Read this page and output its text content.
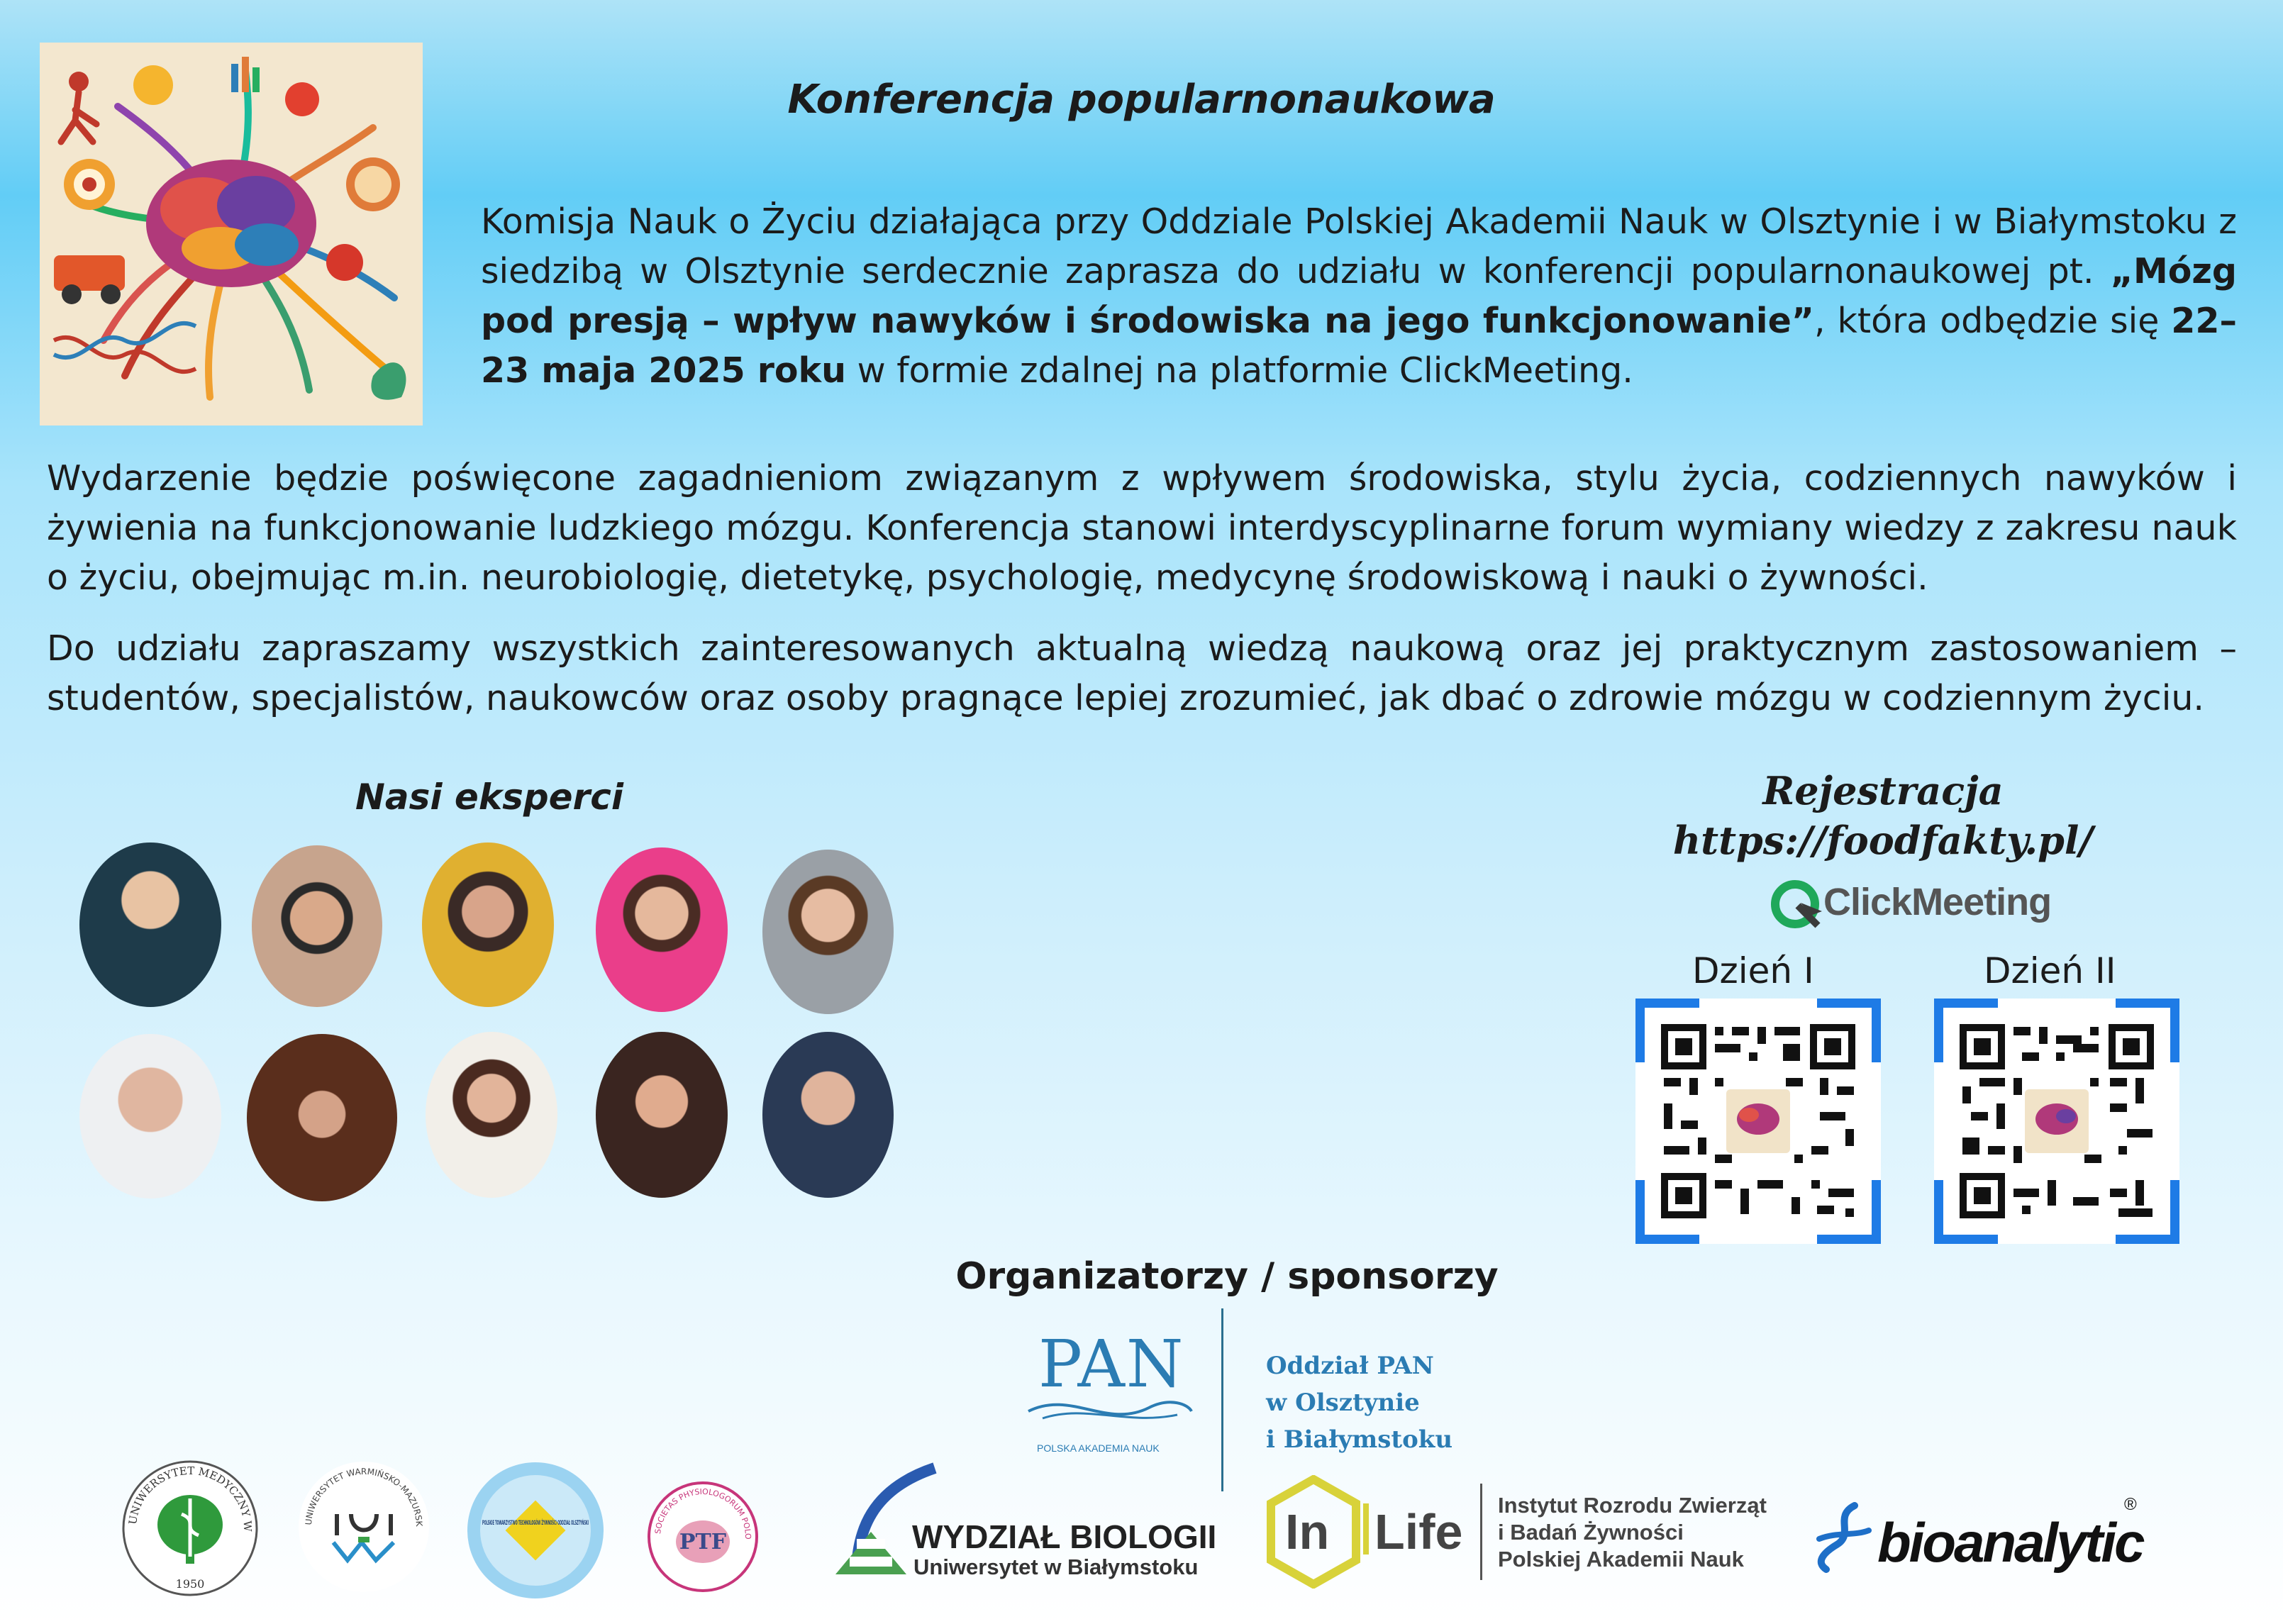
Konferencja popularnonaukowa
Komisja Nauk o Życiu działająca przy Oddziale Polskiej Akademii Nauk w Olsztynie i w Białymstoku z siedzibą w Olsztynie serdecznie zaprasza do udziału w konferencji popularnonaukowej pt. „Mózg pod presją – wpływ nawyków i środowiska na jego funkcjonowanie”, która odbędzie się 22–23 maja 2025 roku w formie zdalnej na platformie ClickMeeting.
Wydarzenie będzie poświęcone zagadnieniom związanym z wpływem środowiska, stylu życia, codziennych nawyków i żywienia na funkcjonowanie ludzkiego mózgu. Konferencja stanowi interdyscyplinarne forum wymiany wiedzy z zakresu nauk o życiu, obejmując m.in. neurobiologię, dietetykę, psychologię, medycynę środowiskową i nauki o żywności.
Do udziału zapraszamy wszystkich zainteresowanych aktualną wiedzą naukową oraz jej praktycznym zastosowaniem – studentów, specjalistów, naukowców oraz osoby pragnące lepiej zrozumieć, jak dbać o zdrowie mózgu w codziennym życiu.
Nasi eksperci	Rejestracja
https://foodfakty.pl/
ClickMeeting
Dzień I	Dzień II
Organizatorzy / sponsorzy
PAN
POLSKA AKADEMIA NAUK
Oddział PAN
w Olsztynie
i Białymstoku
UNIWERSYTET MEDYCZNY W
1950
UNIWERSYTET WARMIŃSKO-MAZURSK	POLSKIE TOWARZYSTWO
SOCIETAS PHYSIOLOGORUM POLO
PTF	WYDZIAŁ BIOLOGII
Uniwersytet w Białymstoku
In Life Instytut Rozrodu Zwierząt
i Badań Żywności
Polskiej Akademii Nauk	bioanalytic
®
